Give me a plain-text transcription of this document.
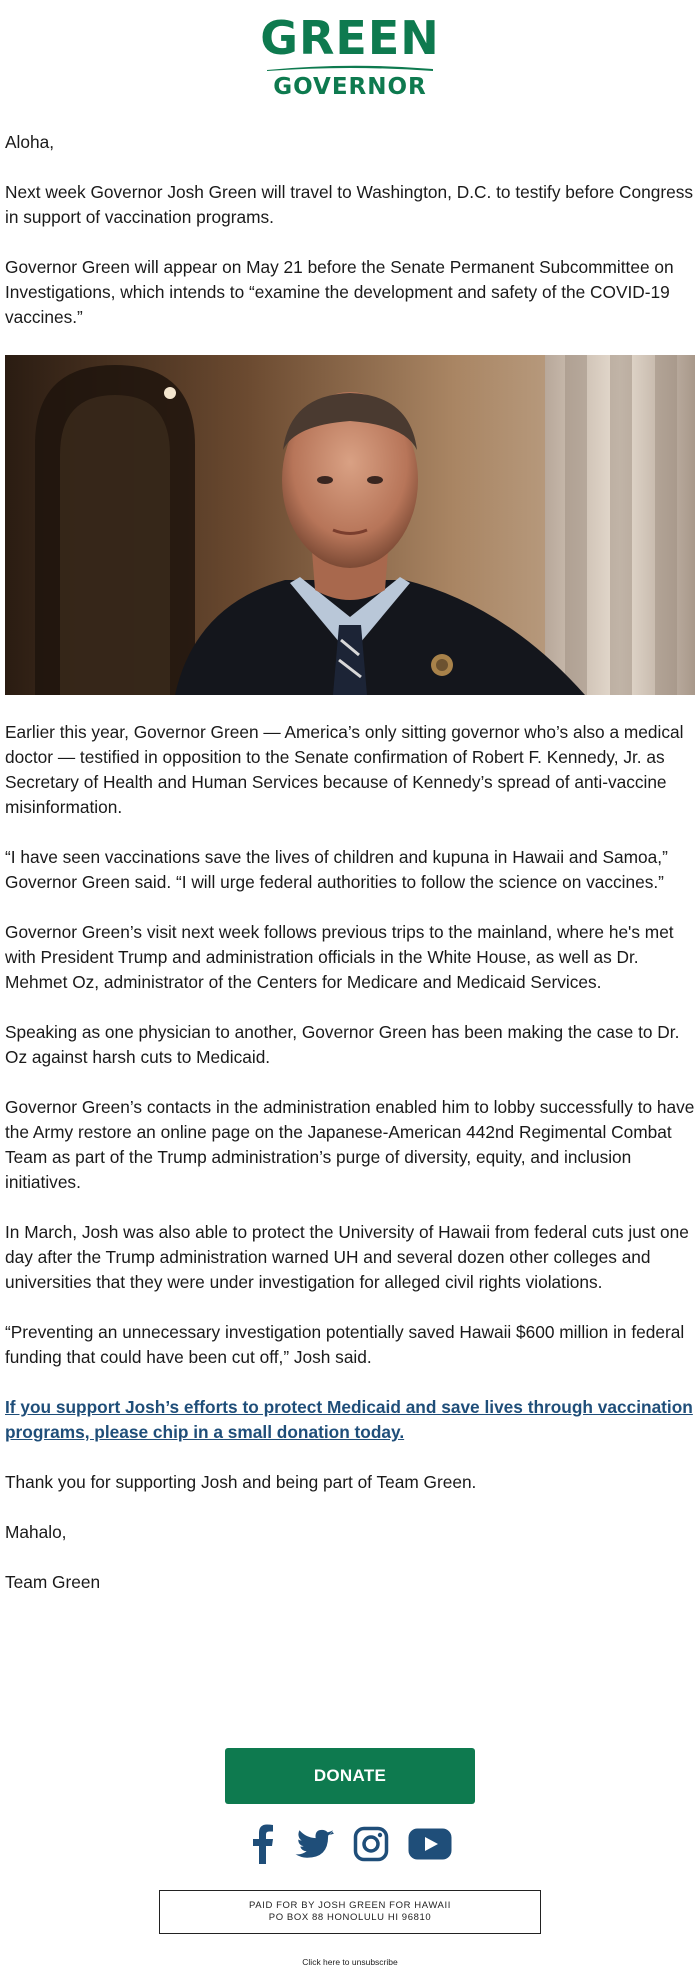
GREEN
GOVERNOR

Aloha,

Next week Governor Josh Green will travel to Washington, D.C. to testify before Congress in support of vaccination programs.

Governor Green will appear on May 21 before the Senate Permanent Subcommittee on Investigations, which intends to “examine the development and safety of the COVID-19 vaccines.”

Earlier this year, Governor Green — America’s only sitting governor who’s also a medical doctor — testified in opposition to the Senate confirmation of Robert F. Kennedy, Jr. as Secretary of Health and Human Services because of Kennedy’s spread of anti-vaccine misinformation.

“I have seen vaccinations save the lives of children and kupuna in Hawaii and Samoa,” Governor Green said. “I will urge federal authorities to follow the science on vaccines.”

Governor Green’s visit next week follows previous trips to the mainland, where he's met with President Trump and administration officials in the White House, as well as Dr. Mehmet Oz, administrator of the Centers for Medicare and Medicaid Services.

Speaking as one physician to another, Governor Green has been making the case to Dr. Oz against harsh cuts to Medicaid.

Governor Green’s contacts in the administration enabled him to lobby successfully to have the Army restore an online page on the Japanese-American 442nd Regimental Combat Team as part of the Trump administration’s purge of diversity, equity, and inclusion initiatives.

In March, Josh was also able to protect the University of Hawaii from federal cuts just one day after the Trump administration warned UH and several dozen other colleges and universities that they were under investigation for alleged civil rights violations.

“Preventing an unnecessary investigation potentially saved Hawaii $600 million in federal funding that could have been cut off,” Josh said.

If you support Josh’s efforts to protect Medicaid and save lives through vaccination programs, please chip in a small donation today.

Thank you for supporting Josh and being part of Team Green.

Mahalo,

Team Green

DONATE
PAID FOR BY JOSH GREEN FOR HAWAII
PO BOX 88 HONOLULU HI 96810
Click here to unsubscribe
